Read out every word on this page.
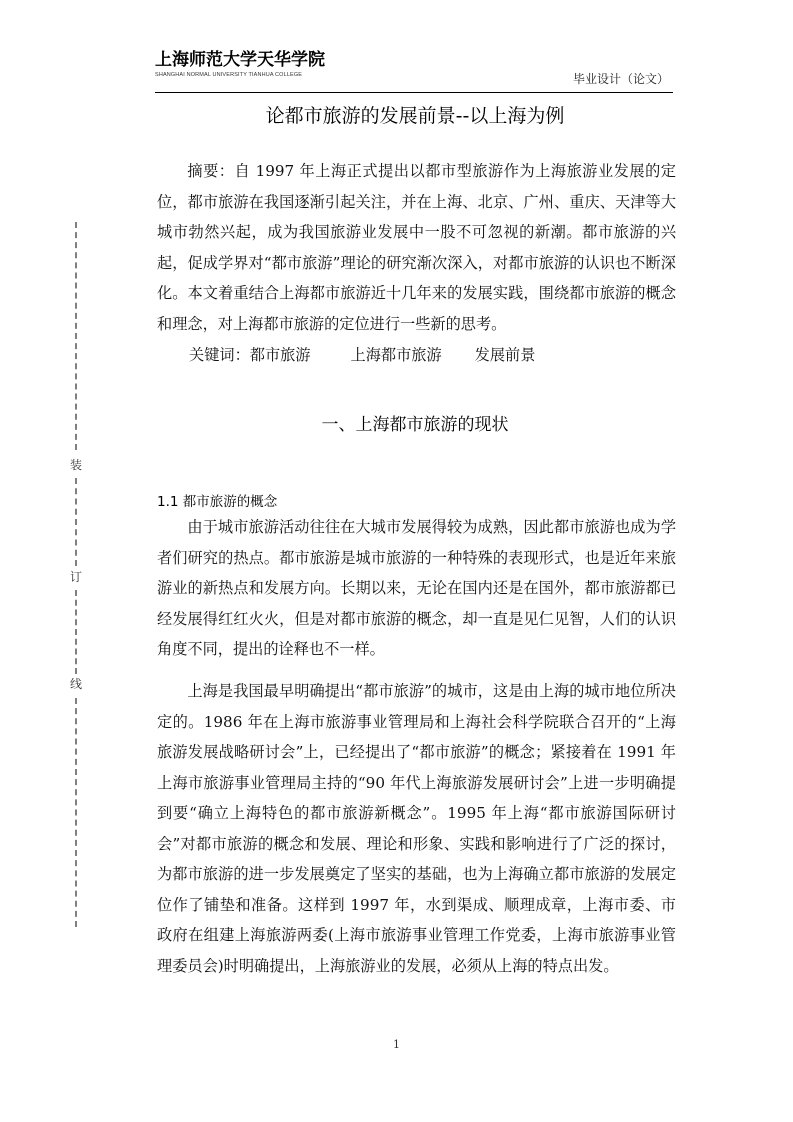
上海师范大学天华学院
SHANGHAI NORMAL UNIVERSITY TIANHUA COLLEGE	毕业设计（论文）
装
订
线
论都市旅游的发展前景--以上海为例

摘要：自 1997 年上海正式提出以都市型旅游作为上海旅游业发展的定位，都市旅游在我国逐渐引起关注，并在上海、北京、广州、重庆、天津等大城市勃然兴起，成为我国旅游业发展中一股不可忽视的新潮。都市旅游的兴起，促成学界对“都市旅游”理论的研究渐次深入，对都市旅游的认识也不断深化。本文着重结合上海都市旅游近十几年来的发展实践，围绕都市旅游的概念和理念，对上海都市旅游的定位进行一些新的思考。

关键词：都市旅游	上海都市旅游 发展前景
一、上海都市旅游的现状
1.1 都市旅游的概念

由于城市旅游活动往往在大城市发展得较为成熟，因此都市旅游也成为学者们研究的热点。都市旅游是城市旅游的一种特殊的表现形式，也是近年来旅游业的新热点和发展方向。长期以来，无论在国内还是在国外，都市旅游都已经发展得红红火火，但是对都市旅游的概念，却一直是见仁见智，人们的认识角度不同，提出的诠释也不一样。

上海是我国最早明确提出“都市旅游”的城市，这是由上海的城市地位所决定的。1986 年在上海市旅游事业管理局和上海社会科学院联合召开的“上海旅游发展战略研讨会”上，已经提出了“都市旅游”的概念；紧接着在 1991 年上海市旅游事业管理局主持的“90 年代上海旅游发展研讨会”上进一步明确提到要“确立上海特色的都市旅游新概念”。1995 年上海“都市旅游国际研讨会”对都市旅游的概念和发展、理论和形象、实践和影响进行了广泛的探讨，为都市旅游的进一步发展奠定了坚实的基础，也为上海确立都市旅游的发展定位作了铺垫和准备。这样到 1997 年，水到渠成、顺理成章，上海市委、市政府在组建上海旅游两委(上海市旅游事业管理工作党委，上海市旅游事业管理委员会)时明确提出，上海旅游业的发展，必须从上海的特点出发。

1
